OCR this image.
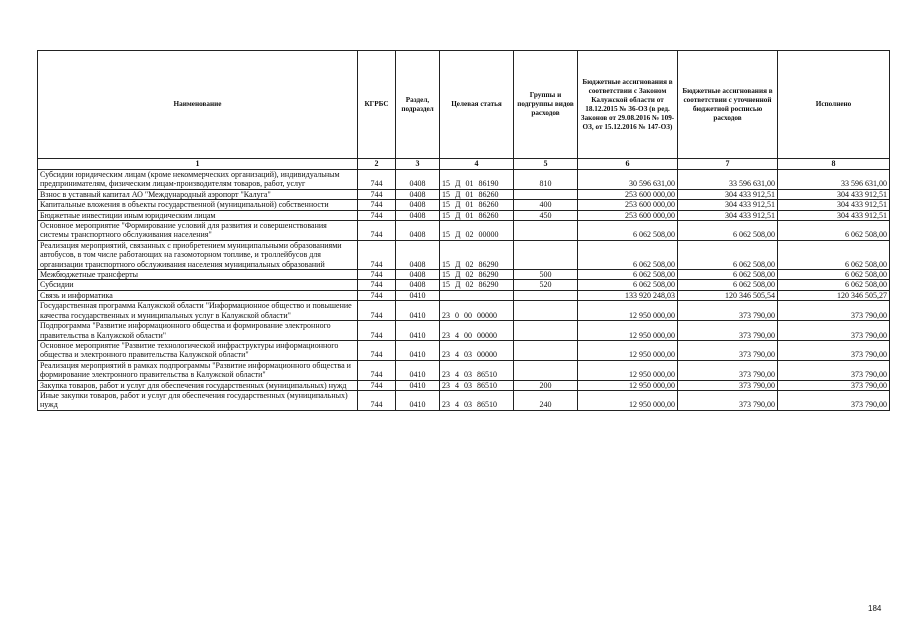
Наименование	КГРБС	Раздел, подраздел	Целевая статья	Группы и подгруппы видов расходов	Бюджетные ассигнования в соответствии с Законом Калужской области от 18.12.2015 № 36-ОЗ (в ред. Законов от 29.08.2016 № 109-ОЗ, от 15.12.2016 № 147-ОЗ)	Бюджетные ассигнования в соответствии с уточненной бюджетной росписью расходов	Исполнено
1	2	3	4	5	6	7	8
Субсидии юридическим лицам (кроме некоммерческих организаций), индивидуальным предпринимателям, физическим лицам-производителям товаров, работ, услуг	744	0408	15 Д 01 86190	810	30 596 631,00	33 596 631,00	33 596 631,00
Взнос в уставный капитал АО "Международный аэропорт "Калуга"	744	0408	15 Д 01 86260		253 600 000,00	304 433 912,51	304 433 912,51
Капитальные вложения в объекты государственной (муниципальной) собственности	744	0408	15 Д 01 86260	400	253 600 000,00	304 433 912,51	304 433 912,51
Бюджетные инвестиции иным юридическим лицам	744	0408	15 Д 01 86260	450	253 600 000,00	304 433 912,51	304 433 912,51
Основное мероприятие "Формирование условий для развития и совершенствования системы транспортного обслуживания населения"	744	0408	15 Д 02 00000		6 062 508,00	6 062 508,00	6 062 508,00
Реализация мероприятий, связанных с приобретением муниципальными образованиями автобусов, в том числе работающих на газомоторном топливе, и троллейбусов для организации транспортного обслуживания населения муниципальных образований	744	0408	15 Д 02 86290		6 062 508,00	6 062 508,00	6 062 508,00
Межбюджетные трансферты	744	0408	15 Д 02 86290	500	6 062 508,00	6 062 508,00	6 062 508,00
Субсидии	744	0408	15 Д 02 86290	520	6 062 508,00	6 062 508,00	6 062 508,00
Связь и информатика	744	0410			133 920 248,03	120 346 505,54	120 346 505,27
Государственная программа Калужской области "Информационное общество и повышение качества государственных и муниципальных услуг в Калужской области"	744	0410	23 0 00 00000		12 950 000,00	373 790,00	373 790,00
Подпрограмма "Развитие информационного общества и формирование электронного правительства в Калужской области"	744	0410	23 4 00 00000		12 950 000,00	373 790,00	373 790,00
Основное мероприятие "Развитие технологической инфраструктуры информационного общества и электронного правительства Калужской области"	744	0410	23 4 03 00000		12 950 000,00	373 790,00	373 790,00
Реализация мероприятий в рамках подпрограммы "Развитие информационного общества и формирование электронного правительства в Калужской области"	744	0410	23 4 03 86510		12 950 000,00	373 790,00	373 790,00
Закупка товаров, работ и услуг для обеспечения государственных (муниципальных) нужд	744	0410	23 4 03 86510	200	12 950 000,00	373 790,00	373 790,00
Иные закупки товаров, работ и услуг для обеспечения государственных (муниципальных) нужд	744	0410	23 4 03 86510	240	12 950 000,00	373 790,00	373 790,00
184
